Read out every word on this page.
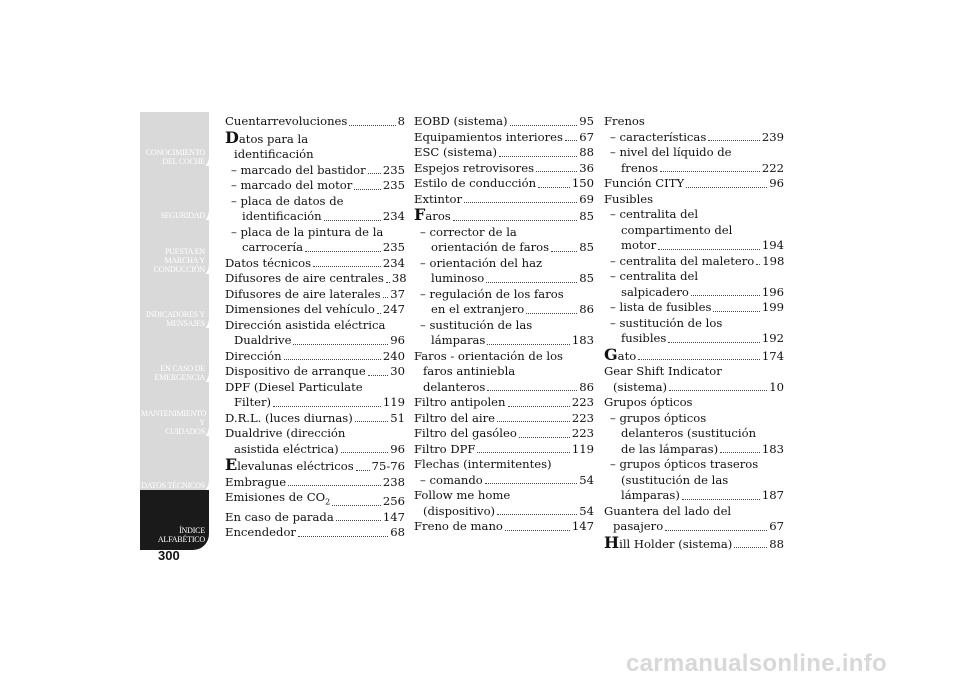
CONOCIMIENTO
DEL COCHE
SEGURIDAD
PUESTA EN
MARCHA Y
CONDUCCIÓN
INDICADORES Y
MENSAJES
EN CASO DE
EMERGENCIA
MANTENIMIENTO Y
CUIDADOS
DATOS TÉCNICOS
ÍNDICE
ALFABÉTICO
300
Cuentarrevoluciones	8
Datos para la
identificación
– marcado del bastidor 235
– marcado del motor	235
– placa de datos de
identificación	234
– placa de la pintura de la
carrocería	235
Datos técnicos	234
Difusores de aire centrales 38
Difusores de aire laterales 37
Dimensiones del vehículo 247
Dirección asistida eléctrica
Dualdrive	96
Dirección	240
Dispositivo de arranque 30
DPF (Diesel Particulate
Filter)	119
D.R.L. (luces diurnas)	51
Dualdrive (dirección
asistida eléctrica)	96
Elevalunas eléctricos 75-76
Embrague	238
Emisiones de $CO_2$	256
En caso de parada	147
Encendedor	68
EOBD (sistema)	95
Equipamientos interiores 67
ESC (sistema)	88
Espejos retrovisores	36
Estilo de conducción	150
Extintor	69
Faros	85
– corrector de la
orientación de faros	85
– orientación del haz
luminoso	85
– regulación de los faros
en el extranjero	86
– sustitución de las
lámparas	183
Faros - orientación de los
faros antiniebla
delanteros	86
Filtro antipolen	223
Filtro del aire	223
Filtro del gasóleo	223
Filtro DPF	119
Flechas (intermitentes)
– comando	54
Follow me home
(dispositivo)	54
Freno de mano	147
Frenos
– características	239
– nivel del líquido de
frenos	222
Función CITY	96
Fusibles
– centralita del
compartimento del
motor	194
– centralita del maletero 198
– centralita del
salpicadero	196
– lista de fusibles	199
– sustitución de los
fusibles	192
Gato	174
Gear Shift Indicator
(sistema)	10
Grupos ópticos
– grupos ópticos
delanteros (sustitución
de las lámparas)	183
– grupos ópticos traseros
(sustitución de las
lámparas)	187
Guantera del lado del
pasajero	67
Hill Holder (sistema)	88
carmanualsonline.info
